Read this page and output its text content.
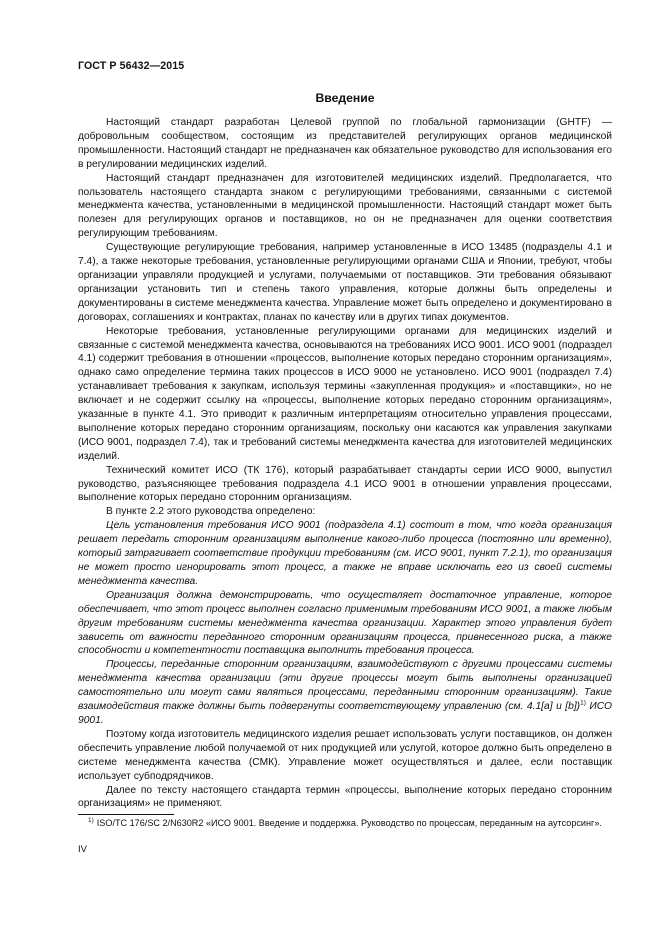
ГОСТ Р 56432—2015
Введение

Настоящий стандарт разработан Целевой группой по глобальной гармонизации (GHTF) — добровольным сообществом, состоящим из представителей регулирующих органов медицинской промышленности. Настоящий стандарт не предназначен как обязательное руководство для использования его в регулировании медицинских изделий.

Настоящий стандарт предназначен для изготовителей медицинских изделий. Предполагается, что пользователь настоящего стандарта знаком с регулирующими требованиями, связанными с системой менеджмента качества, установленными в медицинской промышленности. Настоящий стандарт может быть полезен для регулирующих органов и поставщиков, но он не предназначен для оценки соответствия регулирующим требованиям.

Существующие регулирующие требования, например установленные в ИСО 13485 (подразделы 4.1 и 7.4), а также некоторые требования, установленные регулирующими органами США и Японии, требуют, чтобы организации управляли продукцией и услугами, получаемыми от поставщиков. Эти требования обязывают организации установить тип и степень такого управления, которые должны быть определены и документированы в системе менеджмента качества. Управление может быть определено и документировано в договорах, соглашениях и контрактах, планах по качеству или в других типах документов.

Некоторые требования, установленные регулирующими органами для медицинских изделий и связанные с системой менеджмента качества, основываются на требованиях ИСО 9001. ИСО 9001 (подраздел 4.1) содержит требования в отношении «процессов, выполнение которых передано сторонним организациям», однако само определение термина таких процессов в ИСО 9000 не установлено. ИСО 9001 (подраздел 7.4) устанавливает требования к закупкам, используя термины «закупленная продукция» и «поставщики», но не включает и не содержит ссылку на «процессы, выполнение которых передано сторонним организациям», указанные в пункте 4.1. Это приводит к различным интерпретациям относительно управления процессами, выполнение которых передано сторонним организациям, поскольку они касаются как управления закупками (ИСО 9001, подраздел 7.4), так и требований системы менеджмента качества для изготовителей медицинских изделий.

Технический комитет ИСО (ТК 176), который разрабатывает стандарты серии ИСО 9000, выпустил руководство, разъясняющее требования подраздела 4.1 ИСО 9001 в отношении управления процессами, выполнение которых передано сторонним организациям.

В пункте 2.2 этого руководства определено:

Цель установления требования ИСО 9001 (подраздела 4.1) состоит в том, что когда организация решает передать сторонним организациям выполнение какого-либо процесса (постоянно или временно), который затрагивает соответствие продукции требованиям (см. ИСО 9001, пункт 7.2.1), то организация не может просто игнорировать этот процесс, а также не вправе исключать его из своей системы менеджмента качества.

Организация должна демонстрировать, что осуществляет достаточное управление, которое обеспечивает, что этот процесс выполнен согласно применимым требованиям ИСО 9001, а также любым другим требованиям системы менеджмента качества организации. Характер этого управления будет зависеть от важности переданного сторонним организациям процесса, привнесенного риска, а также способности и компетентности поставщика выполнить требования процесса.

Процессы, переданные сторонним организациям, взаимодействуют с другими процессами системы менеджмента качества организации (эти другие процессы могут быть выполнены организацией самостоятельно или могут сами являться процессами, переданными сторонним организациям). Такие взаимодействия также должны быть подвергнуты соответствующему управлению (см. 4.1[a] и [b])$^{1)}$ ИСО 9001.

Поэтому когда изготовитель медицинского изделия решает использовать услуги поставщиков, он должен обеспечить управление любой получаемой от них продукцией или услугой, которое должно быть определено в системе менеджмента качества (СМК). Управление может осуществляться и далее, если поставщик использует субподрядчиков.

Далее по тексту настоящего стандарта термин «процессы, выполнение которых передано сторонним организациям» не применяют.

$^{1)}$ ISO/TC 176/SC 2/N630R2 «ИСО 9001. Введение и поддержка. Руководство по процессам, переданным на аутсорсинг».
IV
